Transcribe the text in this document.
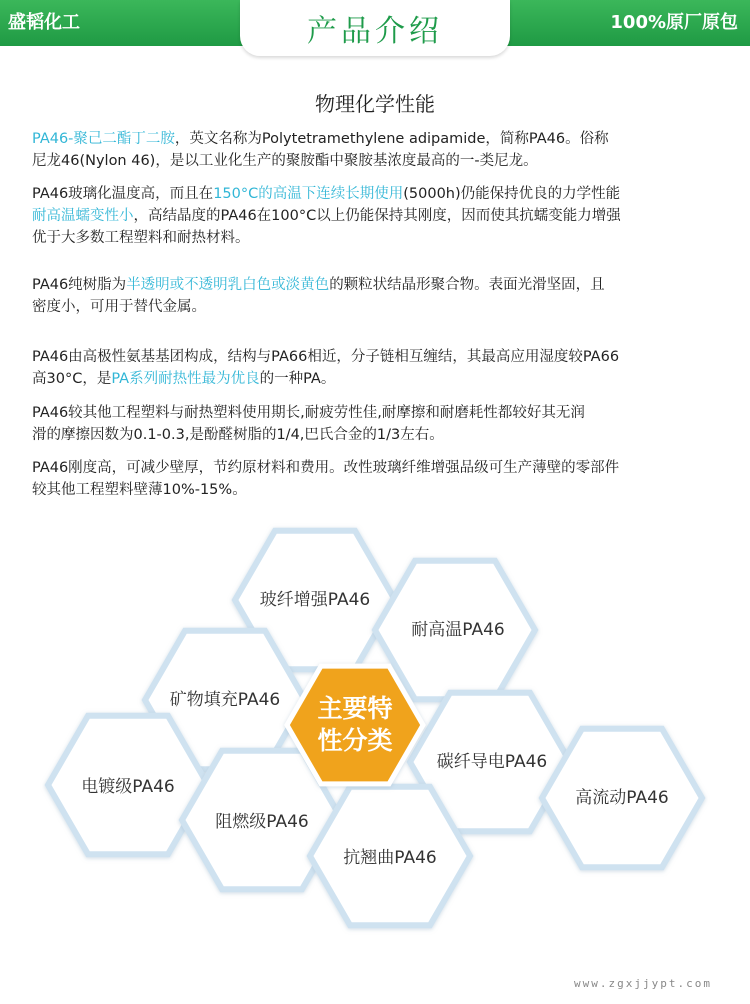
盛韬化工	100%原厂原包
产品介绍
物理化学性能
PA46-聚己二酯丁二胺，英文名称为Polytetramethylene adipamide，简称PA46。俗称
尼龙46(Nylon 46)，是以工业化生产的聚胺酯中聚胺基浓度最高的一-类尼龙。
PA46玻璃化温度高，而且在150°C的高温下连续长期使用(5000h)仍能保持优良的力学性能
耐高温蠕变性小，高结晶度的PA46在100°C以上仍能保持其刚度，因而使其抗蠕变能力增强
优于大多数工程塑料和耐热材料。
PA46纯树脂为半透明或不透明乳白色或淡黄色的颗粒状结晶形聚合物。表面光滑坚固，且
密度小，可用于替代金属。
PA46由高极性氨基基团构成，结构与PA66相近，分子链相互缠结，其最高应用湿度较PA66
高30°C，是PA系列耐热性最为优良的一种PA。
PA46较其他工程塑料与耐热塑料使用期长,耐疲劳性佳,耐摩擦和耐磨耗性都较好其无润
滑的摩擦因数为0.1-0.3,是酚醛树脂的1/4,巴氏合金的1/3左右。
PA46刚度高，可减少壁厚，节约原材料和费用。改性玻璃纤维增强品级可生产薄壁的零部件
较其他工程塑料壁薄10%-15%。
玻纤增强PA46
耐高温PA46
矿物填充PA46
碳纤导电PA46
电镀级PA46
阻燃级PA46
高流动PA46
抗翘曲PA46
主要特
性分类
www.zgxjjypt.com
